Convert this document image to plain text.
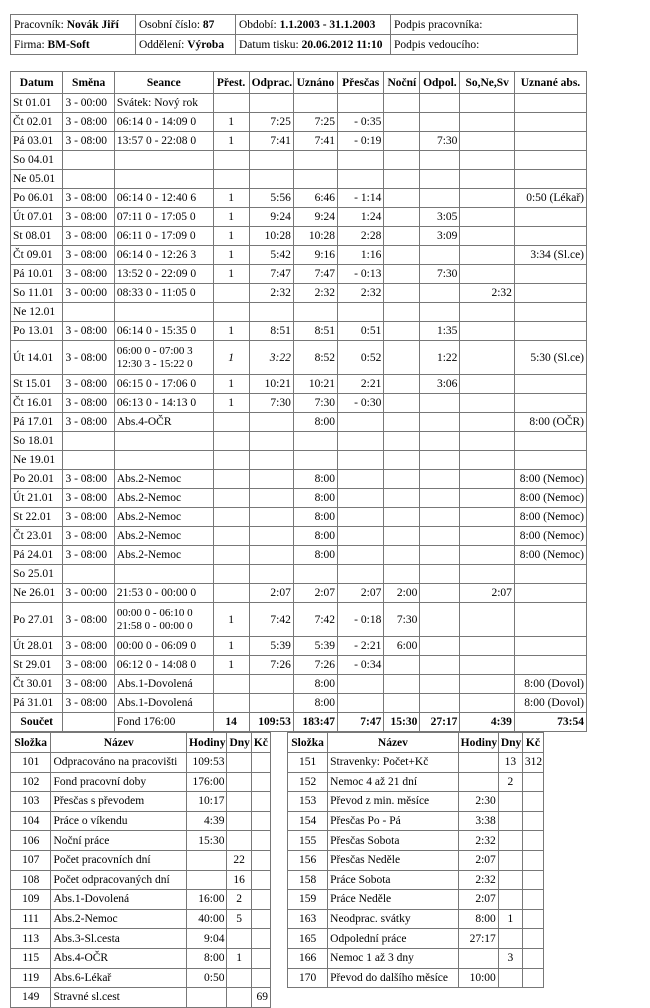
Pracovník: Novák Jiří	Osobní číslo: 87	Období: 1.1.2003 - 31.1.2003	Podpis pracovníka:
Firma: BM-Soft	Oddělení: Výroba	Datum tisku: 20.06.2012 11:10	Podpis vedoucího:
Datum	Směna	Seance	Přest.	Odprac.	Uznáno	Přesčas	Noční	Odpol.	So,Ne,Sv	Uznané abs.
St 01.01	3 - 00:00	Svátek: Nový rok								
Čt 02.01	3 - 08:00	06:14 0 - 14:09 0	1	7:25	7:25	- 0:35				
Pá 03.01	3 - 08:00	13:57 0 - 22:08 0	1	7:41	7:41	- 0:19		7:30		
So 04.01										
Ne 05.01										
Po 06.01	3 - 08:00	06:14 0 - 12:40 6	1	5:56	6:46	- 1:14				0:50 (Lékař)
Út 07.01	3 - 08:00	07:11 0 - 17:05 0	1	9:24	9:24	1:24		3:05		
St 08.01	3 - 08:00	06:11 0 - 17:09 0	1	10:28	10:28	2:28		3:09		
Čt 09.01	3 - 08:00	06:14 0 - 12:26 3	1	5:42	9:16	1:16				3:34 (Sl.ce)
Pá 10.01	3 - 08:00	13:52 0 - 22:09 0	1	7:47	7:47	- 0:13		7:30		
So 11.01	3 - 00:00	08:33 0 - 11:05 0		2:32	2:32	2:32			2:32	
Ne 12.01										
Po 13.01	3 - 08:00	06:14 0 - 15:35 0	1	8:51	8:51	0:51		1:35		
Út 14.01	3 - 08:00	06:00 0 - 07:00 3
12:30 3 - 15:22 0	1	3:22	8:52	0:52		1:22		5:30 (Sl.ce)
St 15.01	3 - 08:00	06:15 0 - 17:06 0	1	10:21	10:21	2:21		3:06		
Čt 16.01	3 - 08:00	06:13 0 - 14:13 0	1	7:30	7:30	- 0:30				
Pá 17.01	3 - 08:00	Abs.4-OČR			8:00					8:00 (OČR)
So 18.01										
Ne 19.01										
Po 20.01	3 - 08:00	Abs.2-Nemoc			8:00					8:00 (Nemoc)
Út 21.01	3 - 08:00	Abs.2-Nemoc			8:00					8:00 (Nemoc)
St 22.01	3 - 08:00	Abs.2-Nemoc			8:00					8:00 (Nemoc)
Čt 23.01	3 - 08:00	Abs.2-Nemoc			8:00					8:00 (Nemoc)
Pá 24.01	3 - 08:00	Abs.2-Nemoc			8:00					8:00 (Nemoc)
So 25.01										
Ne 26.01	3 - 00:00	21:53 0 - 00:00 0		2:07	2:07	2:07	2:00		2:07	
Po 27.01	3 - 08:00	00:00 0 - 06:10 0
21:58 0 - 00:00 0	1	7:42	7:42	- 0:18	7:30			
Út 28.01	3 - 08:00	00:00 0 - 06:09 0	1	5:39	5:39	- 2:21	6:00			
St 29.01	3 - 08:00	06:12 0 - 14:08 0	1	7:26	7:26	- 0:34				
Čt 30.01	3 - 08:00	Abs.1-Dovolená			8:00					8:00 (Dovol)
Pá 31.01	3 - 08:00	Abs.1-Dovolená			8:00					8:00 (Dovol)
Součet		Fond 176:00	14	109:53	183:47	7:47	15:30	27:17	4:39	73:54
Složka	Název	Hodiny	Dny	Kč
101	Odpracováno na pracovišti	109:53		
102	Fond pracovní doby	176:00		
103	Přesčas s převodem	10:17		
104	Práce o víkendu	4:39		
106	Noční práce	15:30		
107	Počet pracovních dní		22	
108	Počet odpracovaných dní		16	
109	Abs.1-Dovolená	16:00	2	
111	Abs.2-Nemoc	40:00	5	
113	Abs.3-Sl.cesta	9:04		
115	Abs.4-OČR	8:00	1	
119	Abs.6-Lékař	0:50		
149	Stravné sl.cest			69
Složka	Název	Hodiny	Dny	Kč
151	Stravenky: Počet+Kč		13	312
152	Nemoc 4 až 21 dní		2	
153	Převod z min. měsíce	2:30		
154	Přesčas Po - Pá	3:38		
155	Přesčas Sobota	2:32		
156	Přesčas Neděle	2:07		
158	Práce Sobota	2:32		
159	Práce Neděle	2:07		
163	Neodprac. svátky	8:00	1	
165	Odpolední práce	27:17		
166	Nemoc 1 až 3 dny		3	
170	Převod do dalšího měsíce	10:00		
